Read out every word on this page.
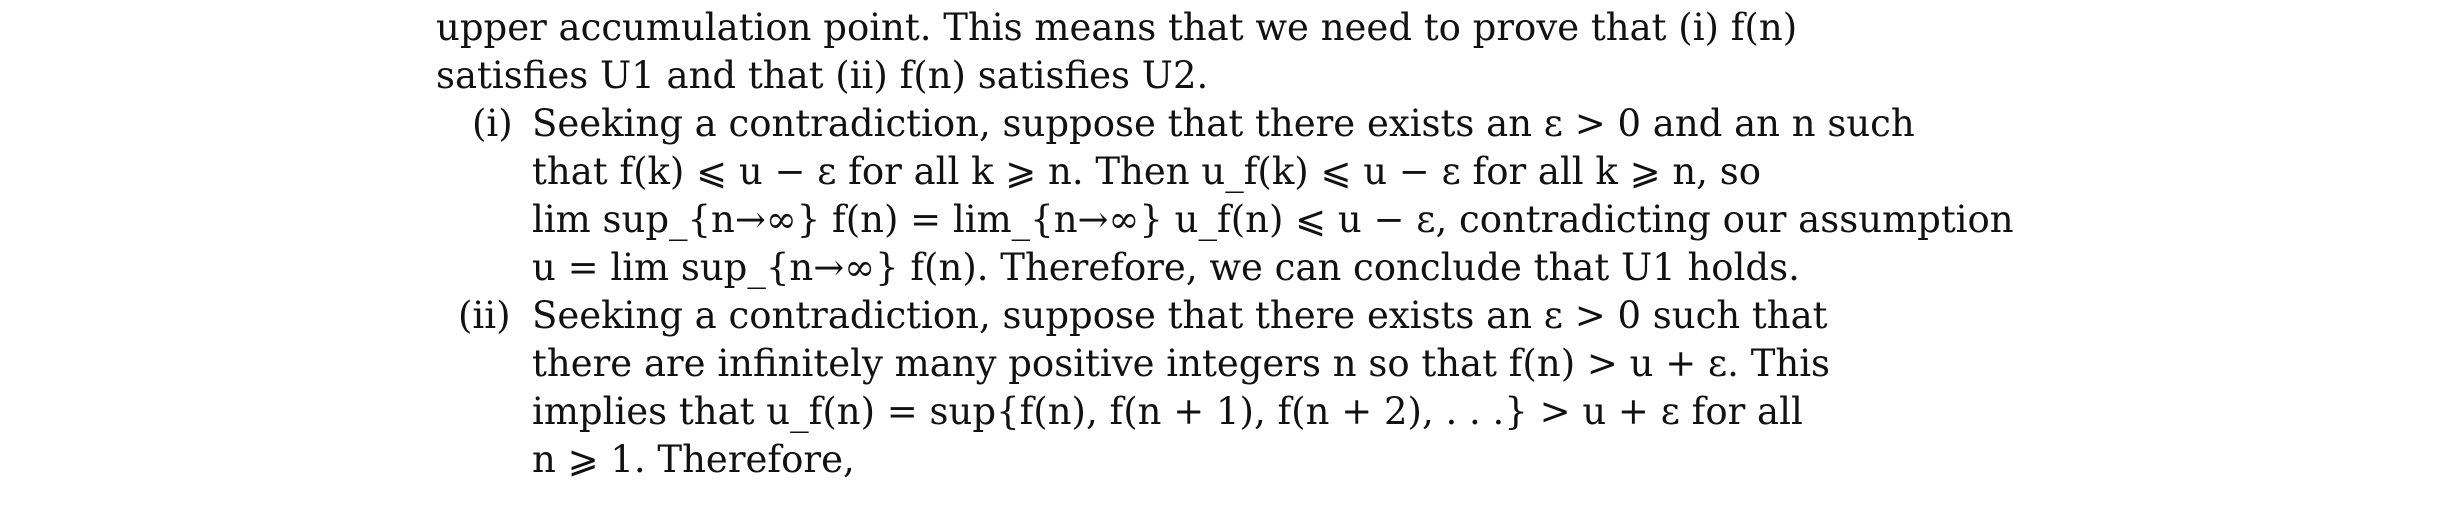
upper accumulation point. This means that we need to prove that (i) f(n)
satisfies U1 and that (ii) f(n) satisfies U2.
(i) Seeking a contradiction, suppose that there exists an ε > 0 and an n such
that f(k) ⩽ u − ε for all k ⩾ n. Then u_f(k) ⩽ u − ε for all k ⩾ n, so
lim sup_{n→∞} f(n) = lim_{n→∞} u_f(n) ⩽ u − ε, contradicting our assumption
u = lim sup_{n→∞} f(n). Therefore, we can conclude that U1 holds.
(ii) Seeking a contradiction, suppose that there exists an ε > 0 such that
there are infinitely many positive integers n so that f(n) > u + ε. This
implies that u_f(n) = sup{f(n), f(n + 1), f(n + 2), . . .} > u + ε for all
n ⩾ 1. Therefore,
